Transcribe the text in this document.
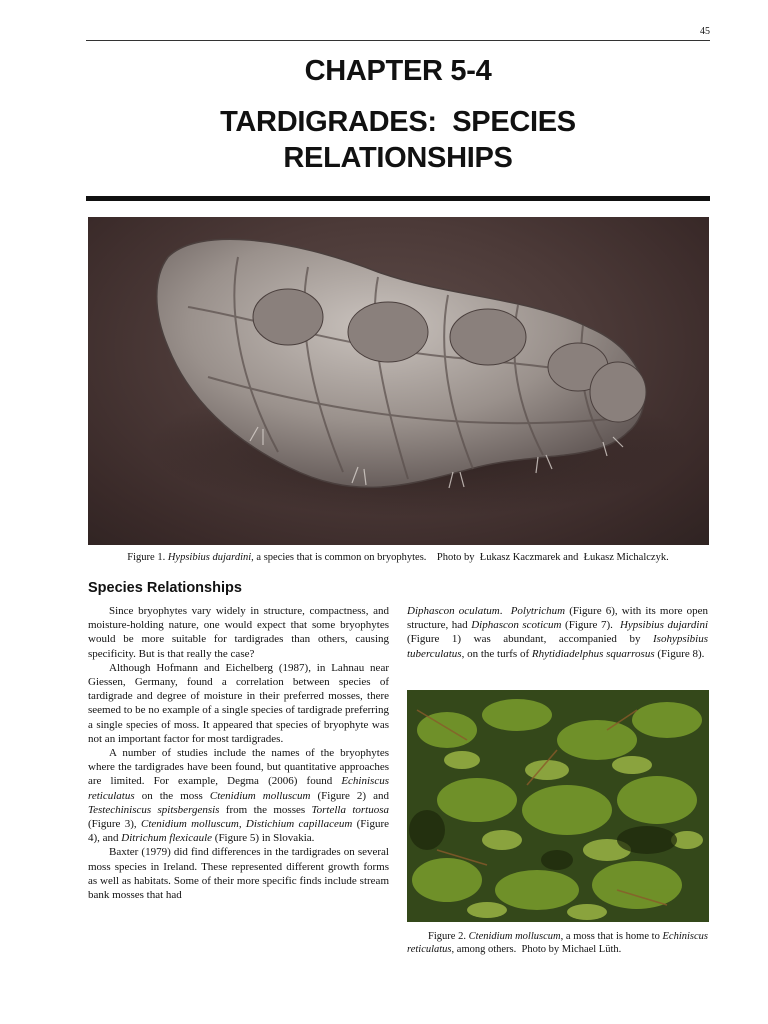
45
CHAPTER 5-4
TARDIGRADES:  SPECIES
RELATIONSHIPS
Figure 1. Hypsibius dujardini, a species that is common on bryophytes.    Photo by  Łukasz Kaczmarek and  Łukasz Michalczyk.
Species Relationships

Since bryophytes vary widely in structure, compactness, and moisture-holding nature, one would expect that some bryophytes would be more suitable for tardigrades than others, causing specificity. But is that really the case?

Although Hofmann and Eichelberg (1987), in Lahnau near Giessen, Germany, found a correlation between species of tardigrade and degree of moisture in their preferred mosses, there seemed to be no example of a single species of tardigrade preferring a single species of moss. It appeared that species of bryophyte was not an important factor for most tardigrades.

A number of studies include the names of the bryophytes where the tardigrades have been found, but quantitative approaches are limited. For example, Degma (2006) found Echiniscus reticulatus on the moss Ctenidium molluscum (Figure 2) and Testechiniscus spitsbergensis from the mosses Tortella tortuosa (Figure 3), Ctenidium molluscum, Distichium capillaceum (Figure 4), and Ditrichum flexicaule (Figure 5) in Slovakia.

Baxter (1979) did find differences in the tardigrades on several moss species in Ireland. These represented different growth forms as well as habitats. Some of their more specific finds include stream bank mosses that had

Diphascon oculatum.  Polytrichum (Figure 6), with its more open structure, had Diphascon scoticum (Figure 7).  Hypsibius dujardini (Figure 1) was abundant, accompanied by Isohypsibius tuberculatus, on the turfs of Rhytidiadelphus squarrosus (Figure 8).

Figure 2. Ctenidium molluscum, a moss that is home to Echiniscus reticulatus, among others.  Photo by Michael Lüth.
